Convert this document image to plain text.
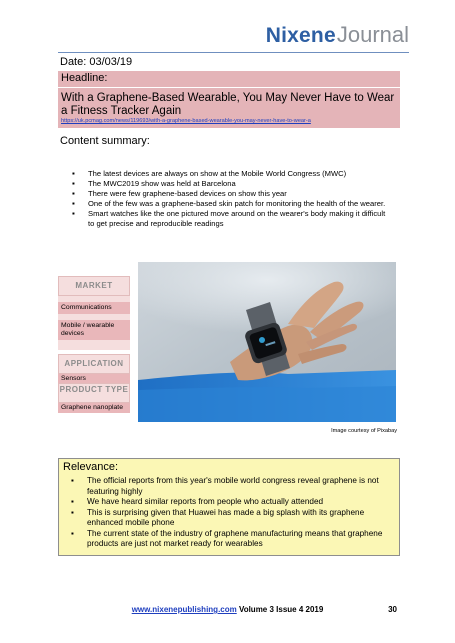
NixeneJournal
Date: 03/03/19
Headline:
With a Graphene-Based Wearable, You May Never Have to Wear a Fitness Tracker Again
https://uk.pcmag.com/news/119693/with-a-graphene-based-wearable-you-may-never-have-to-wear-a
Content summary:
▪ The latest devices are always on show at the Mobile World Congress (MWC)
▪ The MWC2019 show was held at Barcelona
▪ There were few graphene-based devices on show this year
▪ One of the few was a graphene-based skin patch for monitoring the health of the wearer.
▪ Smart watches like the one pictured move around on the wearer's body making it difficult to get precise and reproducible readings
MARKET
Communications
Mobile / wearable devices
APPLICATION
Sensors
PRODUCT TYPE
Graphene nanoplate
Image courtesy of Pixabay
Relevance:
▪ The official reports from this year's mobile world congress reveal graphene is not featuring highly
▪ We have heard similar reports from people who actually attended
▪ This is surprising given that Huawei has made a big splash with its graphene enhanced mobile phone
▪ The current state of the industry of graphene manufacturing means that graphene products are just not market ready for wearables
www.nixenepublishing.com Volume 3 Issue 4 2019	30
